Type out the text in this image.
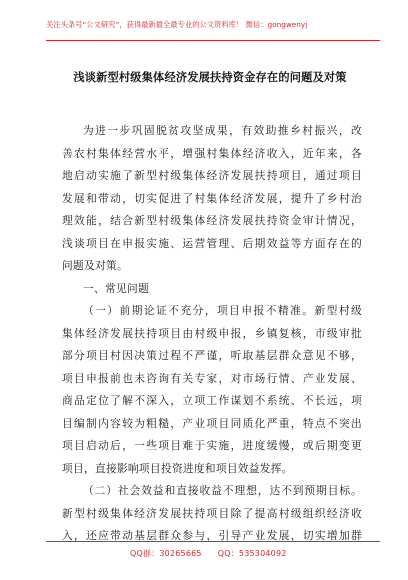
关注头条号“公文研究”，获得最新最全最专业的公文资料库！ 微信：gongwenyj
浅谈新型村级集体经济发展扶持资金存在的问题及对策
为进一步巩固脱贫攻坚成果，有效助推乡村振兴，改
善农村集体经营水平，增强村集体经济收入，近年来，各
地启动实施了新型村级集体经济发展扶持项目，通过项目
发展和带动，切实促进了村集体经济发展，提升了乡村治
理效能，结合新型村级集体经济发展扶持资金审计情况，
浅谈项目在申报实施、运营管理、后期效益等方面存在的
问题及对策。
一、常见问题
（一）前期论证不充分，项目申报不精准。新型村级
集体经济发展扶持项目由村级申报，乡镇复核，市级审批
部分项目村因决策过程不严谨，听取基层群众意见不够，
项目申报前也未咨询有关专家，对市场行情、产业发展、
商品定位了解不深入，立项工作谋划不系统、不长远，项
目编制内容较为粗糙，产业项目同质化严重，特点不突出
项目启动后，一些项目难于实施，进度缓慢，或后期变更
项目，直接影响项目投资进度和项目效益发挥。
（二）社会效益和直接收益不理想，达不到预期目标。
新型村级集体经济发展扶持项目除了提高村级组织经济收
入，还应带动基层群众参与，引导产业发展，切实增加群
QQ群：30265665 QQ：535304092
